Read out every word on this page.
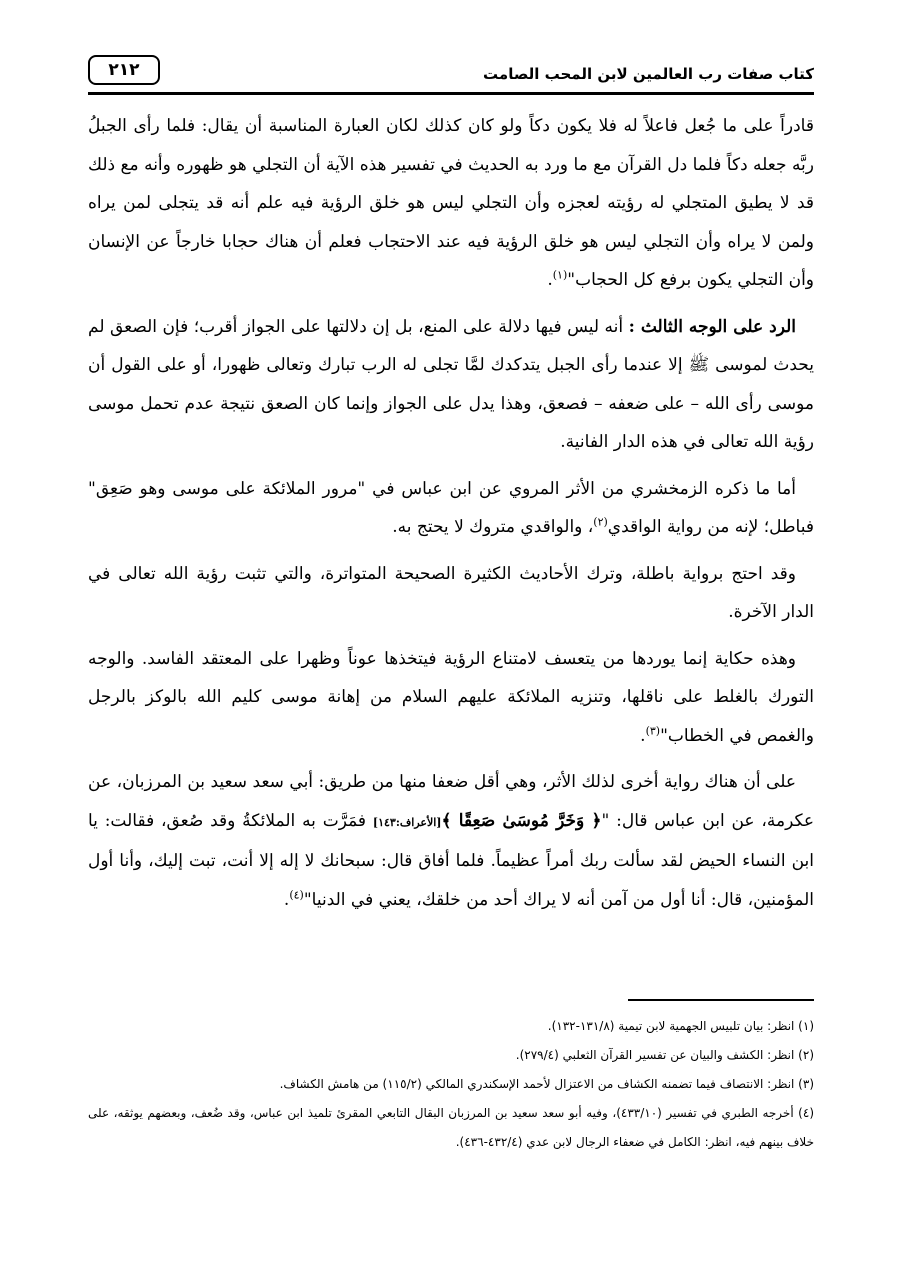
كتاب صفات رب العالمين لابن المحب الصامت
٢١٢

قادراً على ما جُعل فاعلاً له فلا يكون دكاً ولو كان كذلك لكان العبارة المناسبة أن يقال: فلما رأى الجبلُ ربَّه جعله دكاً فلما دل القرآن مع ما ورد به الحديث في تفسير هذه الآية أن التجلي هو ظهوره وأنه مع ذلك قد لا يطيق المتجلي له رؤيته لعجزه وأن التجلي ليس هو خلق الرؤية فيه علم أنه قد يتجلى لمن يراه ولمن لا يراه وأن التجلي ليس هو خلق الرؤية فيه عند الاحتجاب فعلم أن هناك حجابا خارجاً عن الإنسان وأن التجلي يكون برفع كل الحجاب"$^{(١)}$.

الرد على الوجه الثالث : أنه ليس فيها دلالة على المنع، بل إن دلالتها على الجواز أقرب؛ فإن الصعق لم يحدث لموسى ﷺ إلا عندما رأى الجبل يتدكدك لمَّا تجلى له الرب تبارك وتعالى ظهورا، أو على القول أن موسى رأى الله – على ضعفه – فصعق، وهذا يدل على الجواز وإنما كان الصعق نتيجة عدم تحمل موسى رؤية الله تعالى في هذه الدار الفانية.

أما ما ذكره الزمخشري من الأثر المروي عن ابن عباس في "مرور الملائكة على موسى وهو صَعِق" فباطل؛ لإنه من رواية الواقدي$^{(٢)}$، والواقدي متروك لا يحتج به.

وقد احتج برواية باطلة، وترك الأحاديث الكثيرة الصحيحة المتواترة، والتي تثبت رؤية الله تعالى في الدار الآخرة.

وهذه حكاية إنما يوردها من يتعسف لامتناع الرؤية فيتخذها عوناً وظهرا على المعتقد الفاسد. والوجه التورك بالغلط على ناقلها، وتنزيه الملائكة عليهم السلام من إهانة موسى كليم الله بالوكز بالرجل والغمص في الخطاب"$^{(٣)}$.

على أن هناك رواية أخرى لذلك الأثر، وهي أقل ضعفا منها من طريق: أبي سعد سعيد بن المرزبان، عن عكرمة، عن ابن عباس قال: "﴿ وَخَرَّ مُوسَىٰ صَعِقًا ﴾[الأعراف:١٤٣] فمَرَّت به الملائكةُ وقد صُعق، فقالت: يا ابن النساء الحيض لقد سألت ربك أمراً عظيماً. فلما أفاق قال: سبحانك لا إله إلا أنت، تبت إليك، وأنا أول المؤمنين، قال: أنا أول من آمن أنه لا يراك أحد من خلقك، يعني في الدنيا"$^{(٤)}$.

(١) انظر: بيان تلبيس الجهمية لابن تيمية (١٣١/٨-١٣٢).

(٢) انظر: الكشف والبيان عن تفسير القرآن الثعلبي (٢٧٩/٤).

(٣) انظر: الانتصاف فيما تضمنه الكشاف من الاعتزال لأحمد الإسكندري المالكي (١١٥/٢) من هامش الكشاف.

(٤) أخرجه الطبري في تفسير (٤٣٣/١٠)، وفيه أبو سعد سعيد بن المرزبان البقال التابعي المقرئ تلميذ ابن عباس، وقد ضُعف، وبعضهم يوثقه، على خلاف بينهم فيه، انظر: الكامل في ضعفاء الرجال لابن عدي (٤٣٢/٤-٤٣٦).
